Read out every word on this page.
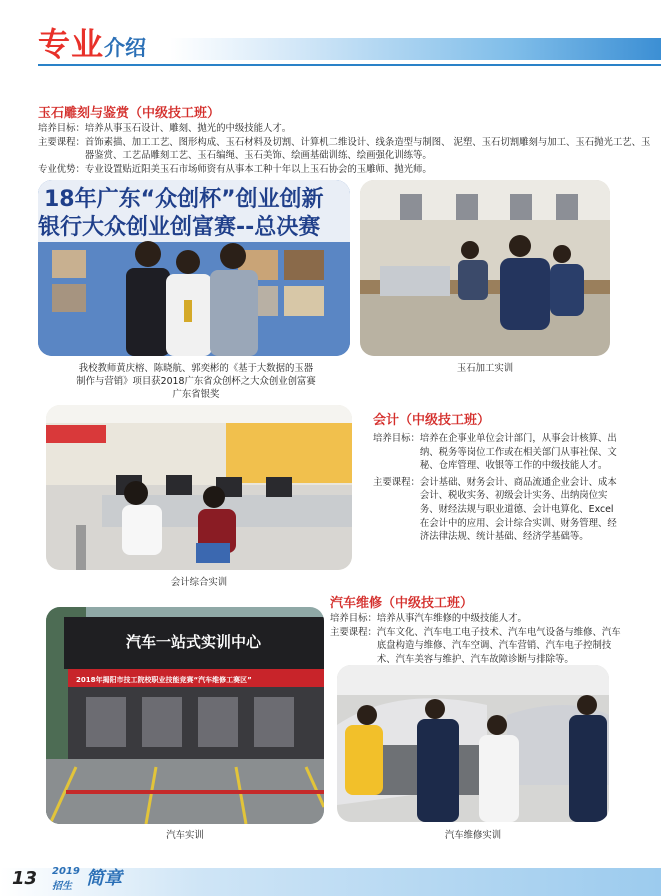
专业介绍
玉石雕刻与鉴赏（中级技工班）
培养目标： 培养从事玉石设计、雕刻、抛光的中级技能人才。
主要课程： 首饰素描、加工工艺、图形构成、玉石材料及切割、计算机二维设计、线条造型与制图、 泥塑、玉石切割雕刻与加工、玉石抛光工艺、玉器鉴赏、工艺品雕刻工艺、玉石编绳、玉石美饰、绘画基础训练、绘画强化训练等。
专业优势： 专业设置贴近阳美玉石市场师资有从事本工种十年以上玉石协会的玉雕师、抛光师。
18年广东“众创杯”创业创新
银行大众创业创富赛--总决赛
我校教师黄庆榕、陈晓航、郭奕彬的《基于大数据的玉器制作与营销》项目获2018广东省众创杯之大众创业创富赛广东省银奖
玉石加工实训
会计综合实训
会计（中级技工班）
培养目标： 培养在企事业单位会计部门，从事会计核算、出纳、税务等岗位工作或在相关部门从事社保、文秘、仓库管理、收银等工作的中级技能人才。
主要课程： 会计基础、财务会计、商品流通企业会计、成本会计、税收实务、初级会计实务、出纳岗位实务、财经法规与职业道德、会计电算化、Excel在会计中的应用、会计综合实训、财务管理、经济法律法规、统计基础、经济学基础等。
汽车维修（中级技工班）
培养目标： 培养从事汽车维修的中级技能人才。
主要课程： 汽车文化、汽车电工电子技术、汽车电气设备与维修、汽车底盘构造与维修、汽车空调、汽车营销、汽车电子控制技术、汽车美容与维护、汽车故障诊断与排除等。
汽车一站式实训中心
2018年揭阳市技工院校职业技能竞赛“汽车维修工赛区”
汽车实训	汽车维修实训
13 2019
招生 简章
